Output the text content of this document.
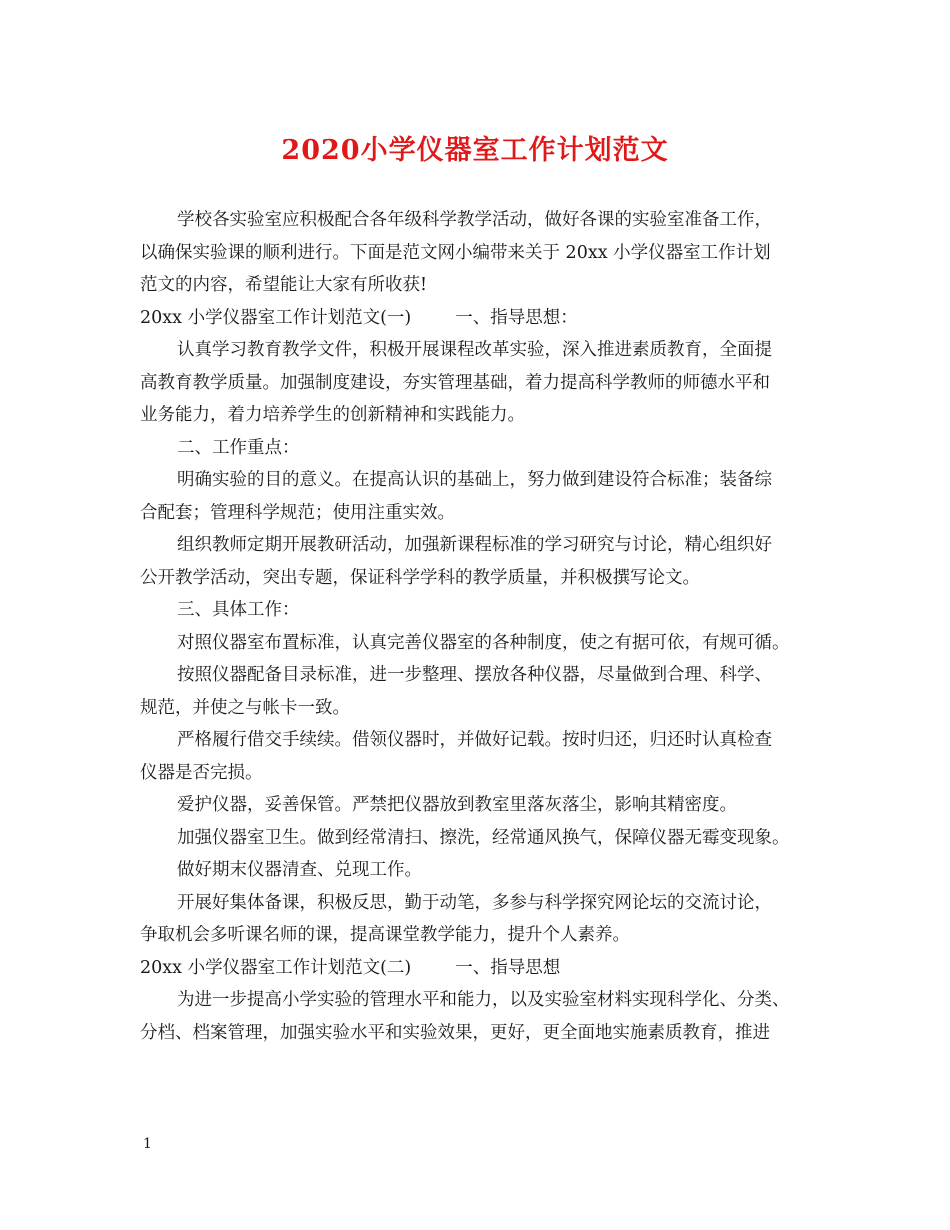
2020小学仪器室工作计划范文

学校各实验室应积极配合各年级科学教学活动，做好各课的实验室准备工作，

以确保实验课的顺利进行。下面是范文网小编带来关于 20xx 小学仪器室工作计划

范文的内容，希望能让大家有所收获!

20xx 小学仪器室工作计划范文(一)	一、指导思想：

认真学习教育教学文件，积极开展课程改革实验，深入推进素质教育，全面提

高教育教学质量。加强制度建设，夯实管理基础，着力提高科学教师的师德水平和

业务能力，着力培养学生的创新精神和实践能力。

二、工作重点：

明确实验的目的意义。在提高认识的基础上，努力做到建设符合标准；装备综

合配套；管理科学规范；使用注重实效。

组织教师定期开展教研活动，加强新课程标准的学习研究与讨论，精心组织好

公开教学活动，突出专题，保证科学学科的教学质量，并积极撰写论文。

三、具体工作：

对照仪器室布置标准，认真完善仪器室的各种制度，使之有据可依，有规可循。

按照仪器配备目录标准，进一步整理、摆放各种仪器，尽量做到合理、科学、

规范，并使之与帐卡一致。

严格履行借交手续续。借领仪器时，并做好记载。按时归还，归还时认真检查

仪器是否完损。

爱护仪器，妥善保管。严禁把仪器放到教室里落灰落尘，影响其精密度。

加强仪器室卫生。做到经常清扫、擦洗，经常通风换气，保障仪器无霉变现象。

做好期末仪器清查、兑现工作。

开展好集体备课，积极反思，勤于动笔，多参与科学探究网论坛的交流讨论，

争取机会多听课名师的课，提高课堂教学能力，提升个人素养。

20xx 小学仪器室工作计划范文(二)	一、指导思想

为进一步提高小学实验的管理水平和能力，以及实验室材料实现科学化、分类、

分档、档案管理，加强实验水平和实验效果，更好，更全面地实施素质教育，推进

1
